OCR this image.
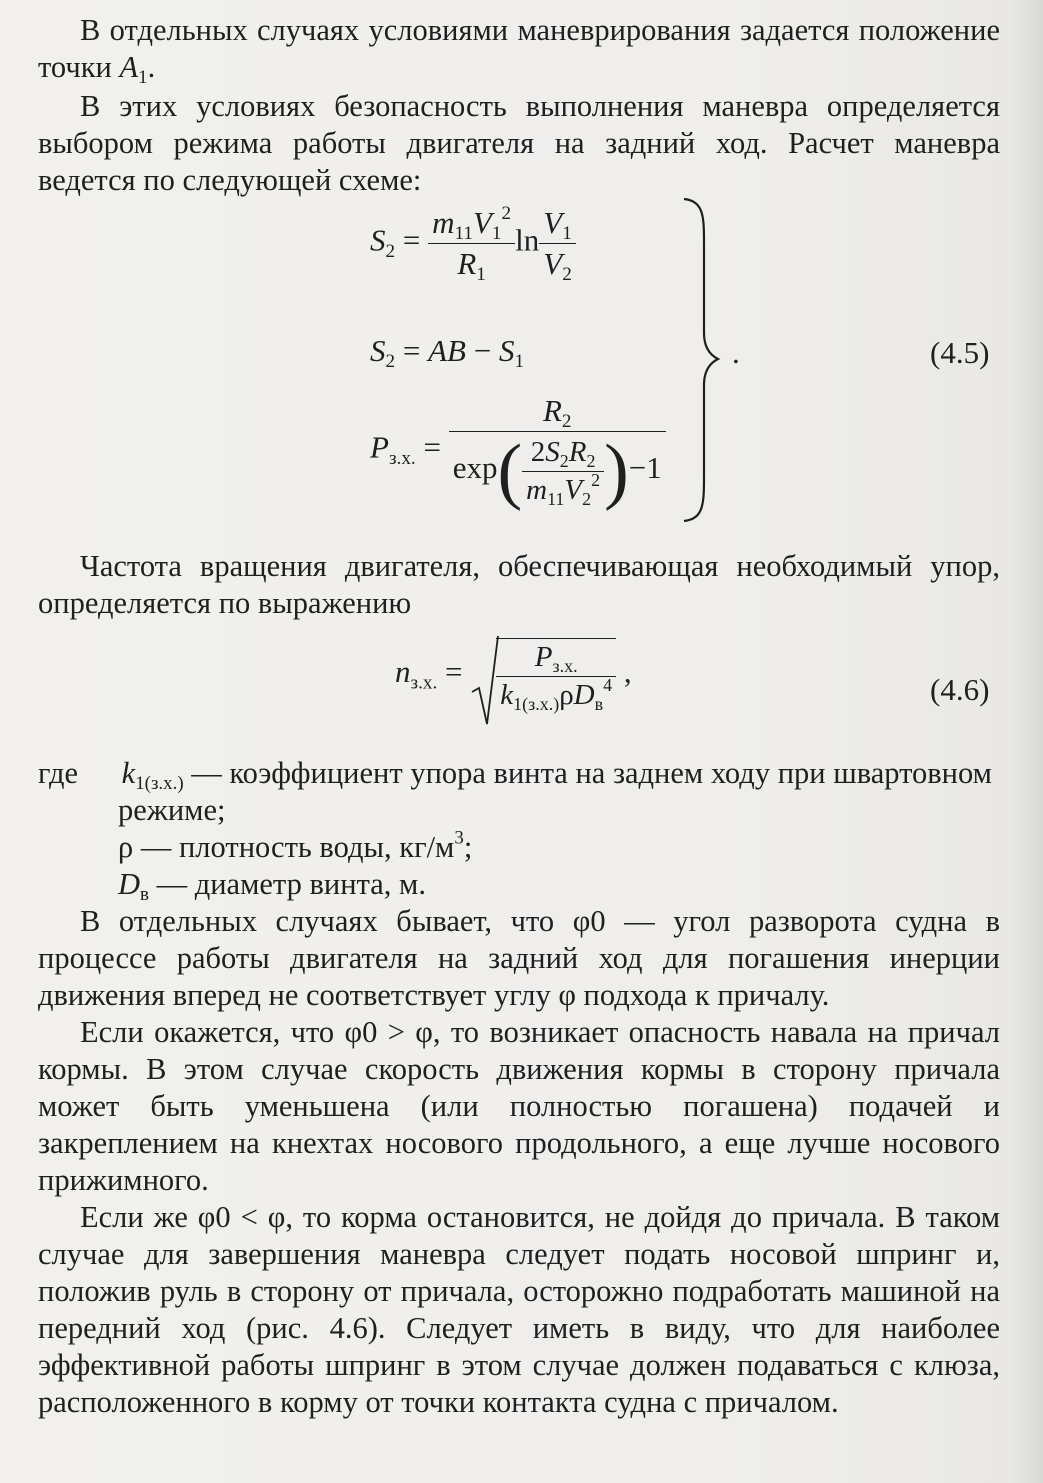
В отдельных случаях условиями маневрирования задается положение точки $A_1$.

В этих условиях безопасность выполнения маневра определяется выбором режима работы двигателя на задний ход. Расчет маневра ведется по следующей схеме:

$S_2 = \frac{m_{11}V_1^2}{R_1}$ $\ln \frac{V_1}{V_2}$
$S_2$ = AB − $S_1$
$P_{з.х.} = \frac{R_2}{\exp( \frac{2S_2R_2}{m_{11}V_2^2} )-1}$
.	(4.5)

Частота вращения двигателя, обеспечивающая необходимый упор, определяется по выражению

$n_{з.х.} = \frac{P_{з.х.}}{k_{1(з.х.)}\rho D_в^4}$ ,
(4.6)
где $k_{1(з.х.)}$ — коэффициент упора винта на заднем ходу при швартовном режиме;
ρ — плотность воды, $кг/м^3$;
$D_в$ — диаметр винта, м.

В отдельных случаях бывает, что φ0 — угол разворота судна в процессе работы двигателя на задний ход для погашения инерции движения вперед не соответствует углу φ подхода к причалу.

Если окажется, что φ0 > φ, то возникает опасность навала на причал кормы. В этом случае скорость движения кормы в сторону причала может быть уменьшена (или полностью погашена) подачей и закреплением на кнехтах носового продольного, а еще лучше носового прижимного.

Если же φ0 < φ, то корма остановится, не дойдя до причала. В таком случае для завершения маневра следует подать носовой шпринг и, положив руль в сторону от причала, осторожно подработать машиной на передний ход (рис. 4.6). Следует иметь в виду, что для наиболее эффективной работы шпринг в этом случае должен подаваться с клюза, расположенного в корму от точки контакта судна с причалом.
